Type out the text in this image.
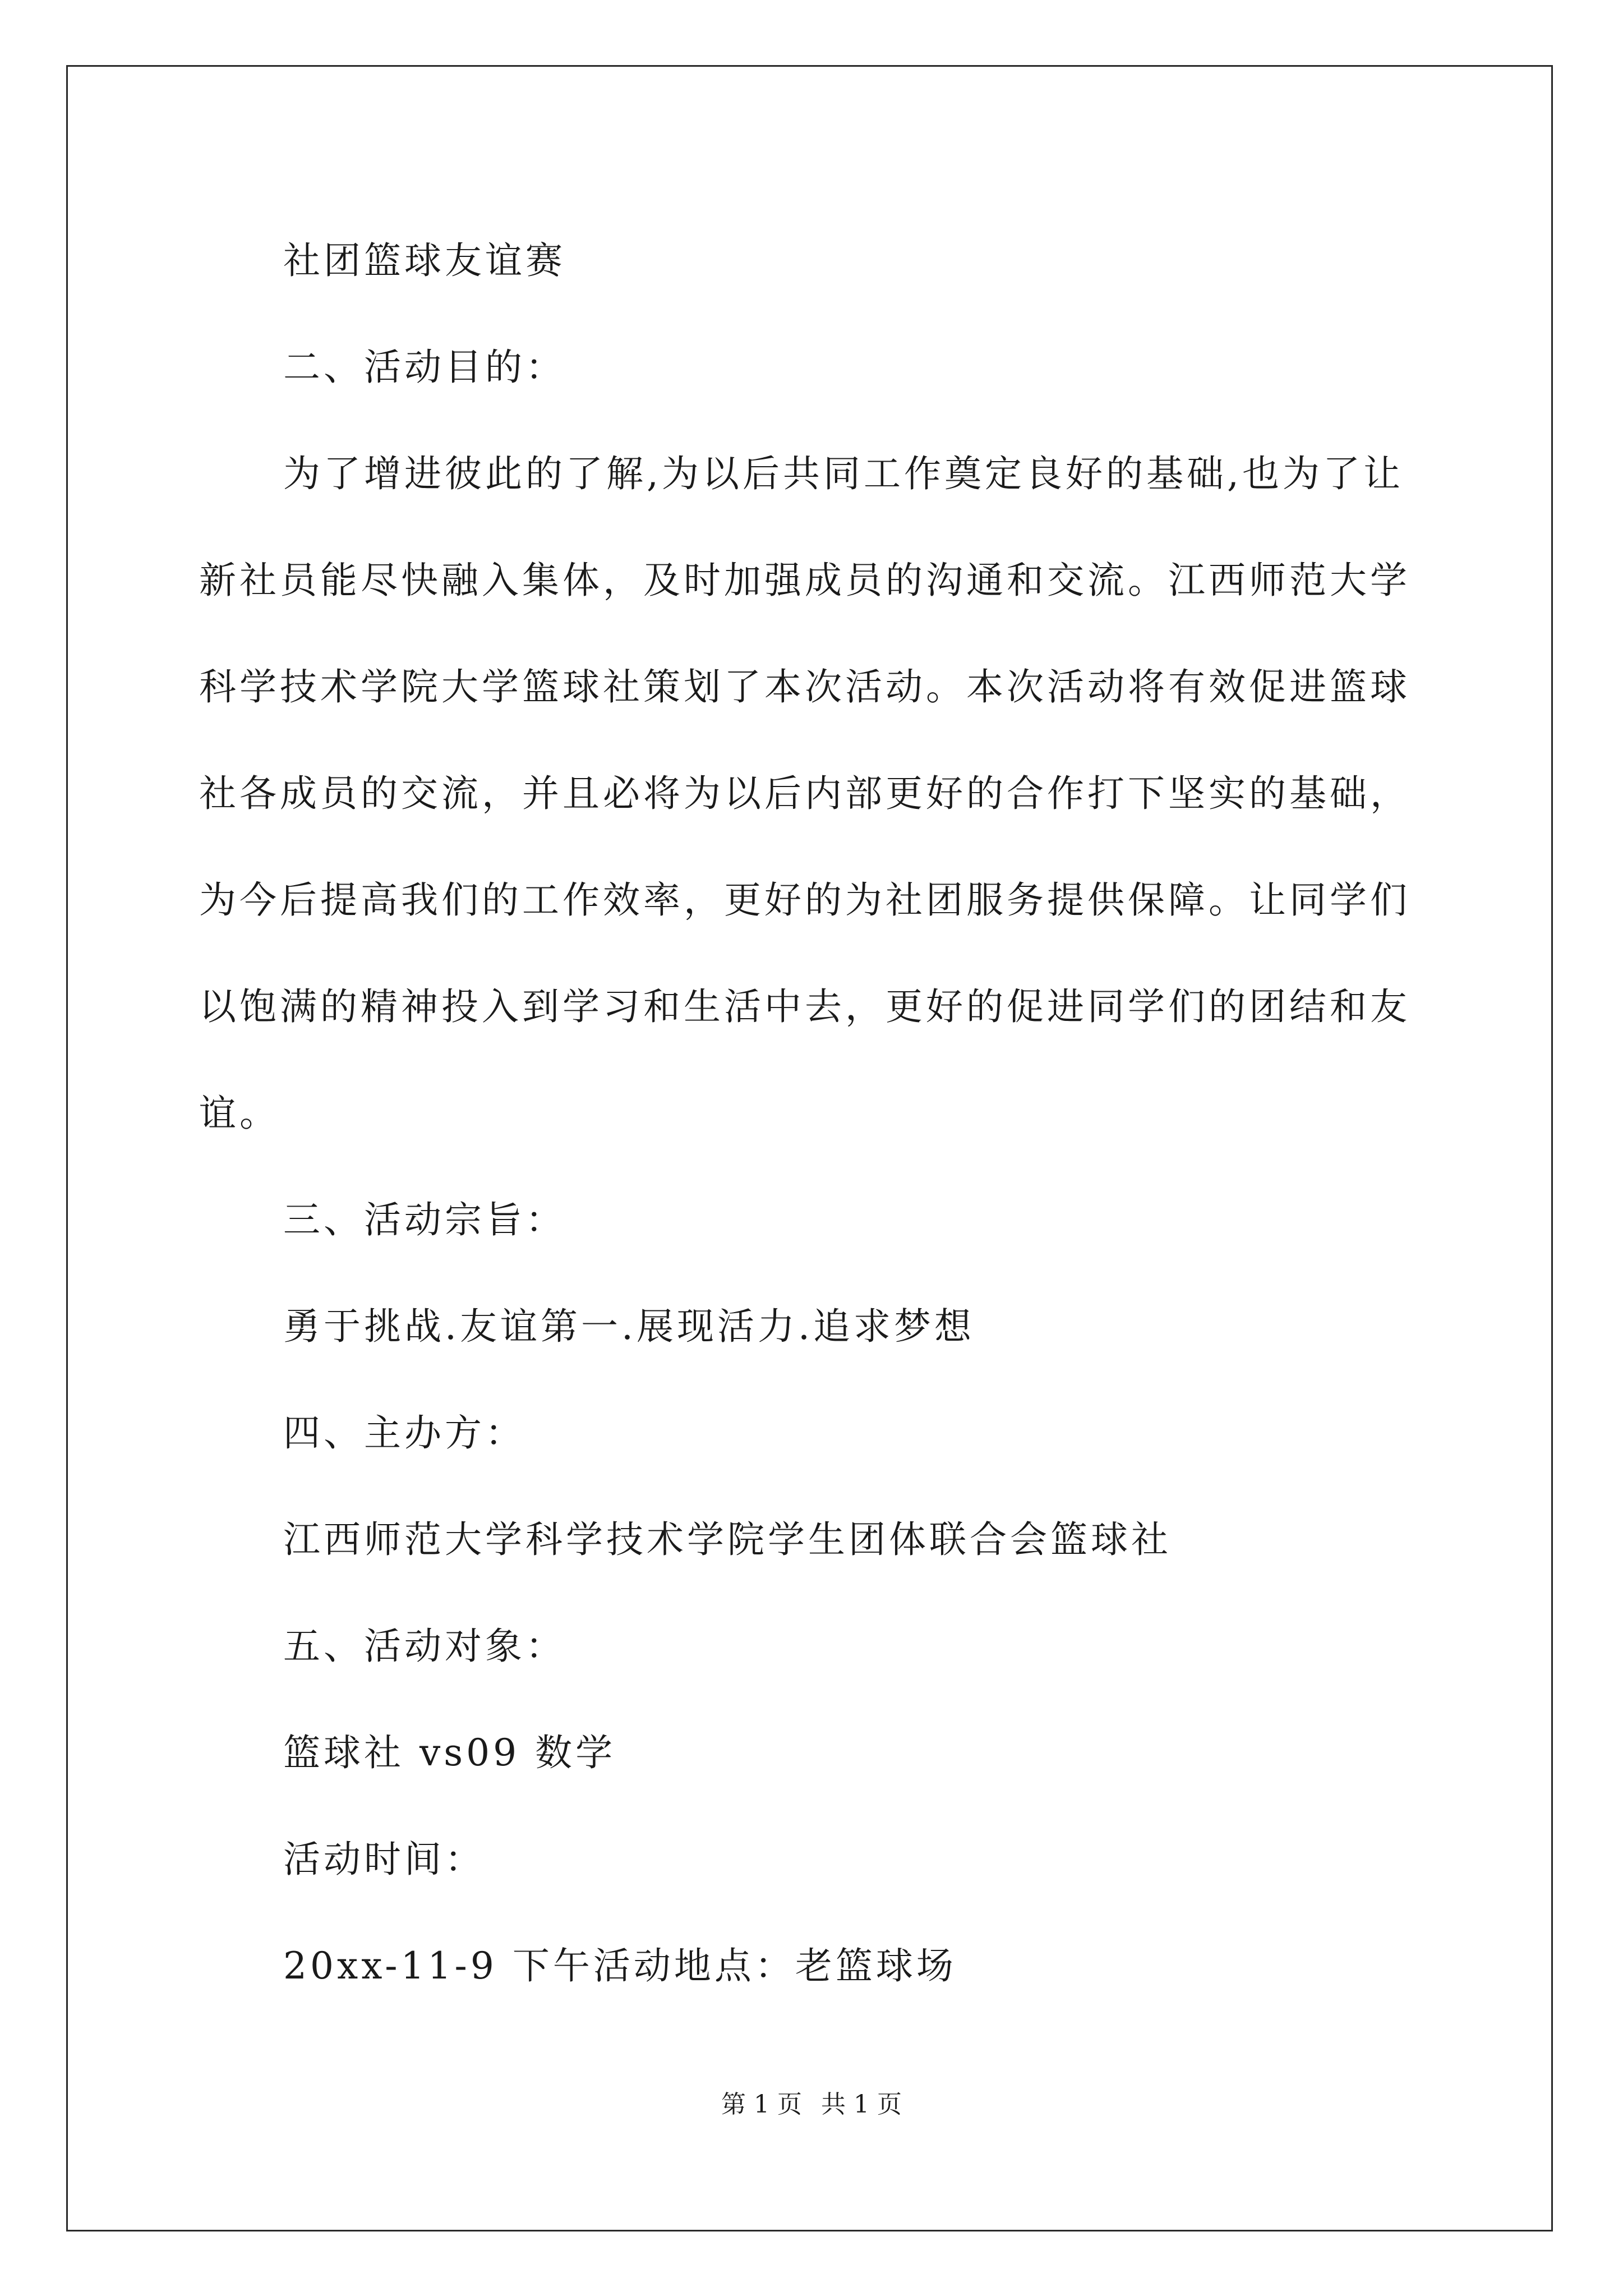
社团篮球友谊赛

二、活动目的：

为了增进彼此的了解,为以后共同工作奠定良好的基础,也为了让

新社员能尽快融入集体，及时加强成员的沟通和交流。江西师范大学

科学技术学院大学篮球社策划了本次活动。本次活动将有效促进篮球

社各成员的交流，并且必将为以后内部更好的合作打下坚实的基础，

为今后提高我们的工作效率，更好的为社团服务提供保障。让同学们

以饱满的精神投入到学习和生活中去，更好的促进同学们的团结和友

谊。

三、活动宗旨：

勇于挑战.友谊第一.展现活力.追求梦想

四、主办方：

江西师范大学科学技术学院学生团体联合会篮球社

五、活动对象：

篮球社 vs09 数学

活动时间：

20xx-11-9 下午活动地点：老篮球场

第 1 页 共 1 页
